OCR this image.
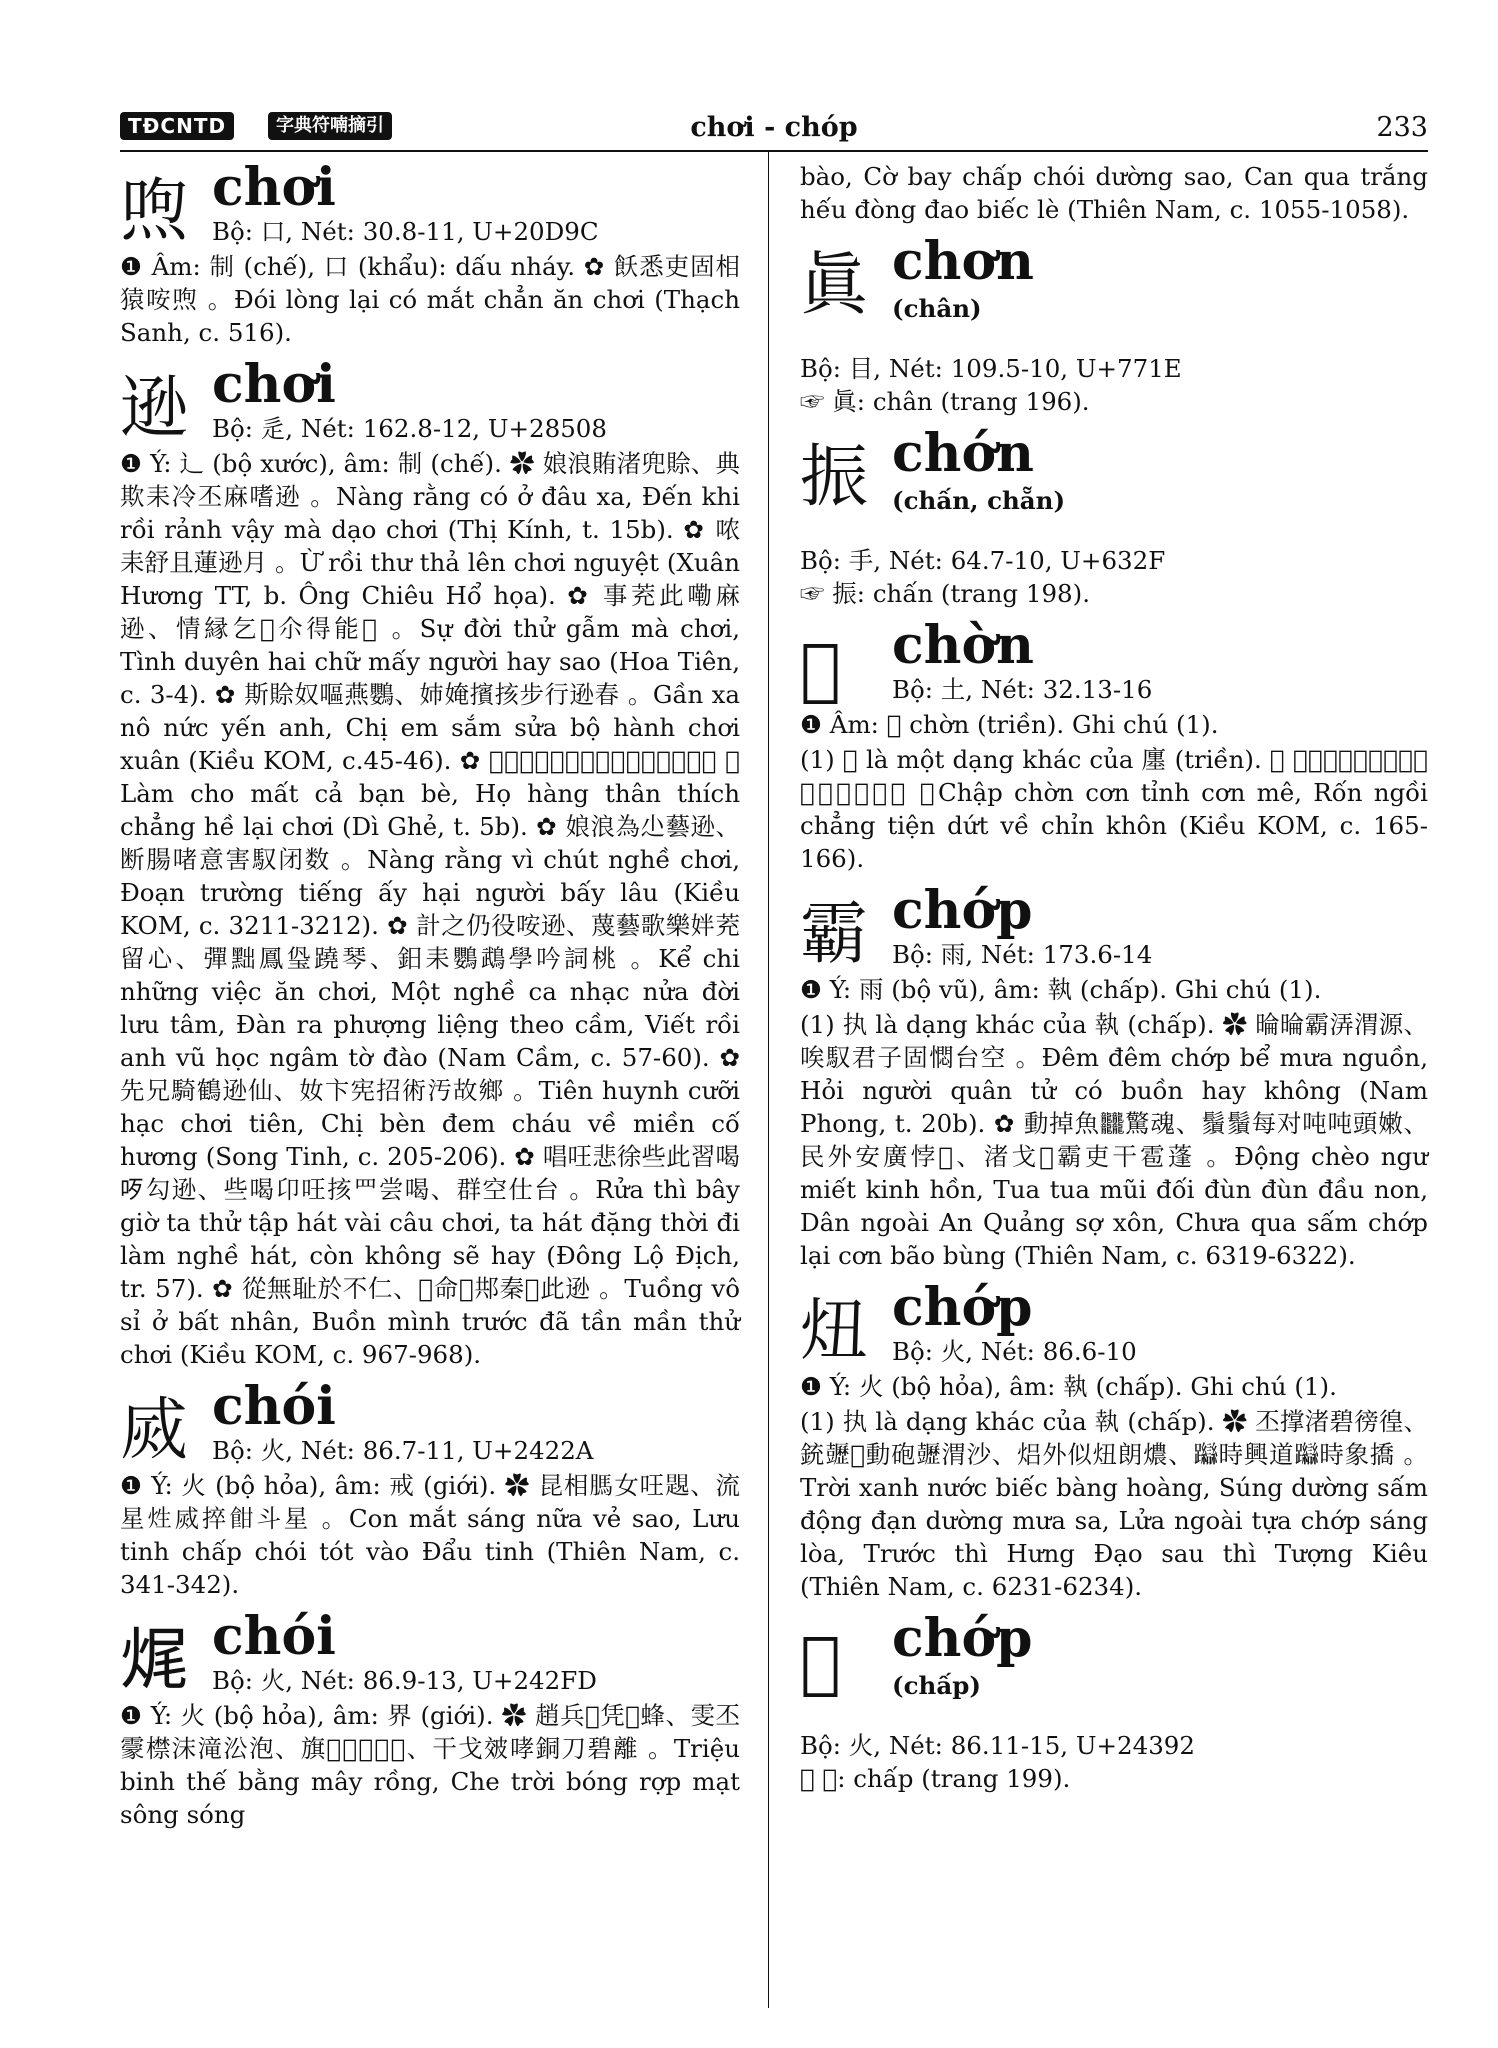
TĐCNTD	字典符喃摘引	chơi - chóp	233
喣 chơi
Bộ: 口, Nét: 30.8-11, U+20D9C

❶ Âm: 制 (chế), 口 (khẩu): dấu nháy. ✿ 飫悉吏固相猿咹喣 。Đói lòng lại có mắt chẳn ăn chơi (Thạch Sanh, c. 516).

逊 chơi
Bộ: 辵, Nét: 162.8-12, U+28508

❶ Ý: 辶 (bộ xước), âm: 制 (chế). ✿ 娘浪賄渚兜賒、典欺耒冷丕麻嗜逊 。Nàng rằng có ở đâu xa, Đến khi rồi rảnh vậy mà dạo chơi (Thị Kính, t. 15b). ✿ 哝耒舒且蓮逊月 。Ừ rồi thư thả lên chơi nguyệt (Xuân Hương TT, b. Ông Chiêu Hổ họa). ✿ 事茺此嘞麻逊、情縁乞𨖅尒得能𧖱 。Sự đời thử gẫm mà chơi, Tình duyên hai chữ mấy người hay sao (Hoa Tiên, c. 3-4). ✿ 斯賒奴嘔燕鸚、姉㛪擯㧡步行逊春 。Gần xa nô nức yến anh, Chị em sắm sửa bộ hành chơi xuân (Kiều KOM, c.45-46). ✿ 𡗉朱㤕奇伴彼、户行親戚庄奚吏逊 。Làm cho mất cả bạn bè, Họ hàng thân thích chẳng hề lại chơi (Dì Ghẻ, t. 5b). ✿ 娘浪為尐藝逊、断腸啫意害馭闭数 。Nàng rằng vì chút nghề chơi, Đoạn trường tiếng ấy hại người bấy lâu (Kiều KOM, c. 3211-3212). ✿ 計之仍役咹逊、蔑藝歌樂姅茺留心、彈黜鳳㺸蹺琴、鈤耒鸚鵡學吟詞桃 。Kể chi những việc ăn chơi, Một nghề ca nhạc nửa đời lưu tâm, Đàn ra phượng liệng theo cầm, Viết rồi anh vũ học ngâm tờ đào (Nam Cầm, c. 57-60). ✿ 先兄騎鶴逊仙、奻卞宪招術汚故鄉 。Tiên huynh cưỡi hạc chơi tiên, Chị bèn đem cháu về miền cố hương (Song Tinh, c. 205-206). ✿ 唱㕵悲徐些此習喝𠯪勾逊、些喝卬㕵㧡罒尝喝、群空仕台 。Rửa thì bây giờ ta thử tập hát vài câu chơi, ta hát đặng thời đi làm nghề hát, còn không sẽ hay (Đông Lộ Địch, tr. 57). ✿ 從無耻於不仁、𢚸命𨀈䢼秦𦀚此逊 。Tuồng vô sỉ ở bất nhân, Buồn mình trước đã tần mần thử chơi (Kiều KOM, c. 967-968).

烕 chói
Bộ: 火, Nét: 86.7-11, U+2422A

❶ Ý: 火 (bộ hỏa), âm: 戒 (giới). ✿ 昆相𦟐女㕵𧡨、流星𤇣烕捽𩚵斗星 。Con mắt sáng nữa vẻ sao, Lưu tinh chấp chói tót vào Đẩu tinh (Thiên Nam, c. 341-342).

𤈦 chói
Bộ: 火, Nét: 86.9-13, U+242FD

❶ Ý: 火 (bộ hỏa), âm: 界 (giới). ✿ 趙兵𠢞凭𨖲蜂、雯丕霥㯲沫滝㳂泡、旗𦐊𤇣𤈦𤽗𦦆、干戈㿰哮銅刀碧離 。Triệu binh thế bằng mây rồng, Che trời bóng rợp mạt sông sóng

bào, Cờ bay chấp chói dường sao, Can qua trắng hếu đòng đao biếc lè (Thiên Nam, c. 1055-1058).

眞 chơn
(chân)
Bộ: 目, Nét: 109.5-10, U+771E

☞ 眞: chân (trang 196).

振 chớn
(chấn, chẵn)
Bộ: 手, Nét: 64.7-10, U+632F

☞ 振: chấn (trang 198).

𡒥 chờn
Bộ: 土, Nét: 32.13-16

❶ Âm: 𡒥 chờn (triền). Ghi chú (1).

(1) 𡒥 là một dạng khác của 廛 (triền). ✿ 𩂏𡒥干醒干迷、𢣂𩁱拯便𢭂術𠫾坤 。Chập chờn cơn tỉnh cơn mê, Rốn ngồi chẳng tiện dứt về chỉn khôn (Kiều KOM, c. 165-166).

霸 chớp
Bộ: 雨, Nét: 173.6-14

❶ Ý: 雨 (bộ vũ), âm: 執 (chấp). Ghi chú (1).

(1) 执 là dạng khác của 執 (chấp). ✿ 㫻㫻霸㳥渭源、唉馭君子固㦖台空 。Đêm đêm chớp bể mưa nguồn, Hỏi người quân tử có buồn hay không (Nam Phong, t. 20b). ✿ 動掉魚𪚥驚魂、鬚鬚每对吨吨頭嫩、民外安廣悖𢜝、渚戈𩆐霸吏干雹蓬 。Động chèo ngư miết kinh hồn, Tua tua mũi đối đùn đùn đầu non, Dân ngoài An Quảng sợ xôn, Chưa qua sấm chớp lại cơn bão bùng (Thiên Nam, c. 6319-6322).

炄 chớp
Bộ: 火, Nét: 86.6-10

❶ Ý: 火 (bộ hỏa), âm: 執 (chấp). Ghi chú (1).

(1) 执 là dạng khác của 執 (chấp). ✿ 丕撑渚碧徬徨、銃𧰡𩆐動砲𧰡渭沙、焒外似炄朗燶、𨇼時興道𨇼時象撟 。Trời xanh nước biếc bàng hoàng, Súng dường sấm động đạn dường mưa sa, Lửa ngoài tựa chớp sáng lòa, Trước thì Hưng Đạo sau thì Tượng Kiêu (Thiên Nam, c. 6231-6234).

𤒠 chớp
(chấp)
Bộ: 火, Nét: 86.11-15, U+24392

☞ 𤒠: chấp (trang 199).
